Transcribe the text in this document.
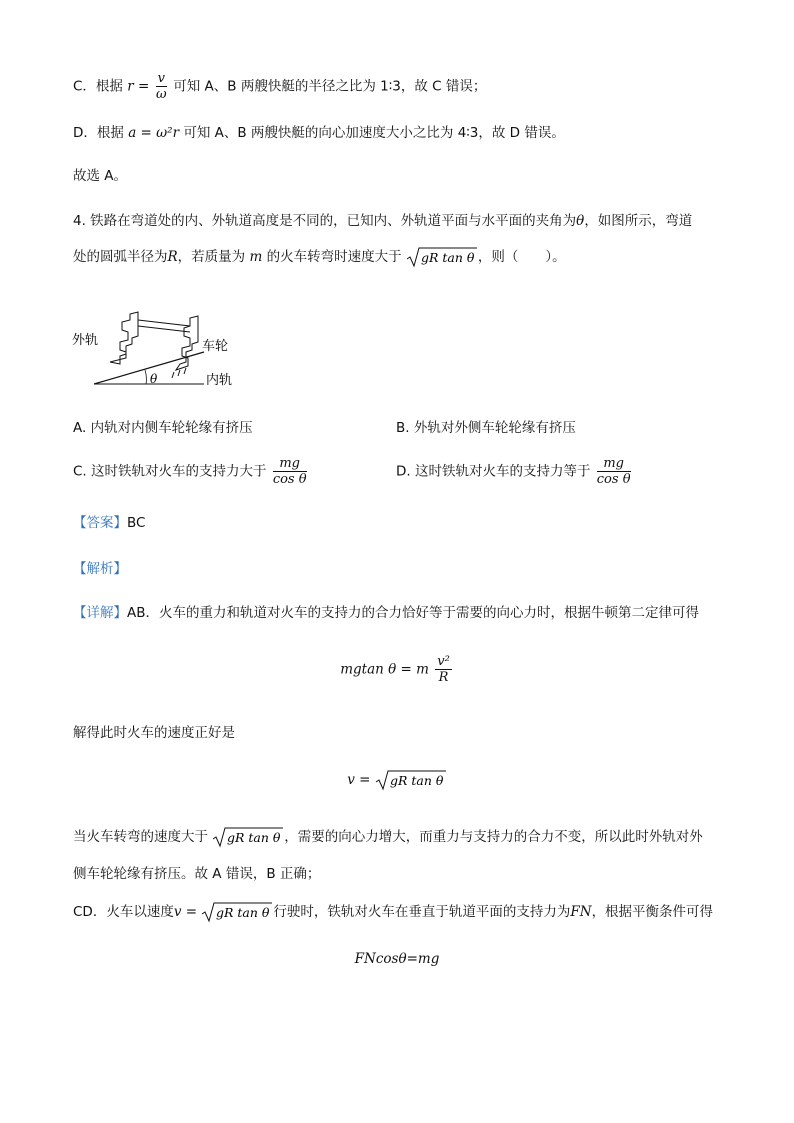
C．根据 $r = \frac{v}{\omega}$ 可知 A、B 两艘快艇的半径之比为 1∶3，故 C 错误；
D．根据 a = ω²r 可知 A、B 两艘快艇的向心加速度大小之比为 4∶3，故 D 错误。
故选 A。
4. 铁路在弯道处的内、外轨道高度是不同的，已知内、外轨道平面与水平面的夹角为θ，如图所示，弯道
处的圆弧半径为R，若质量为 m 的火车转弯时速度大于 gR tan θ ，则（　　）。
θ
外轨	车轮
内轨
A. 内轨对内侧车轮轮缘有挤压	B. 外轨对外侧车轮轮缘有挤压
C. 这时铁轨对火车的支持力大于 $\frac{mg}{\text{cos θ}}$	D. 这时铁轨对火车的支持力等于 $\frac{mg}{\text{cos θ}}$
【答案】BC
【解析】
【详解】AB．火车的重力和轨道对火车的支持力的合力恰好等于需要的向心力时，根据牛顿第二定律可得
mgtan θ = m $\frac{\text{v²}}{R}$
解得此时火车的速度正好是
v = gR tan θ
当火车转弯的速度大于 gR tan θ ，需要的向心力增大，而重力与支持力的合力不变，所以此时外轨对外
侧车轮轮缘有挤压。故 A 错误，B 正确；
CD．火车以速度v = gR tan θ 行驶时，铁轨对火车在垂直于轨道平面的支持力为FN，根据平衡条件可得
FNcosθ=mg
